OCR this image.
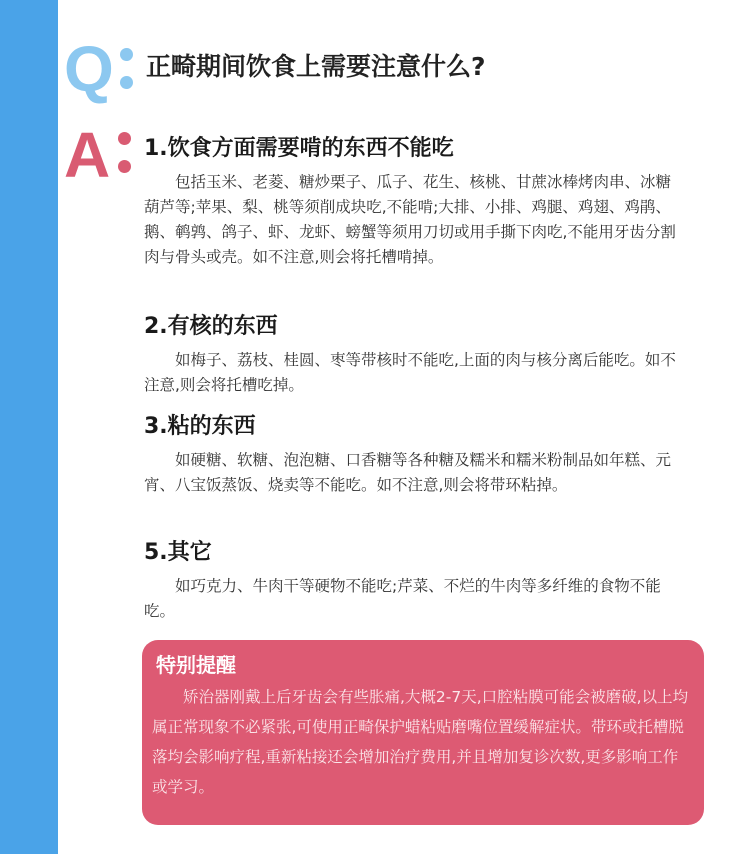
Q 正畸期间饮食上需要注意什么?
A 1.饮食方面需要啃的东西不能吃

包括玉米、老菱、糖炒栗子、瓜子、花生、核桃、甘蔗冰棒烤肉串、冰糖葫芦等;苹果、梨、桃等须削成块吃,不能啃;大排、小排、鸡腿、鸡翅、鸡鹃、鹅、鹌鹑、鸽子、虾、龙虾、螃蟹等须用刀切或用手撕下肉吃,不能用牙齿分割肉与骨头或壳。如不注意,则会将托槽啃掉。

2.有核的东西

如梅子、荔枝、桂圆、枣等带核时不能吃,上面的肉与核分离后能吃。如不注意,则会将托槽吃掉。

3.粘的东西

如硬糖、软糖、泡泡糖、口香糖等各种糖及糯米和糯米粉制品如年糕、元宵、八宝饭蒸饭、烧卖等不能吃。如不注意,则会将带环粘掉。

5.其它

如巧克力、牛肉干等硬物不能吃;芹菜、不烂的牛肉等多纤维的食物不能吃。

特别提醒

矫治器刚戴上后牙齿会有些胀痛,大概2-7天,口腔粘膜可能会被磨破,以上均属正常现象不必紧张,可使用正畸保护蜡粘贴磨嘴位置缓解症状。带环或托槽脱落均会影响疗程,重新粘接还会增加治疗费用,并且增加复诊次数,更多影响工作或学习。
